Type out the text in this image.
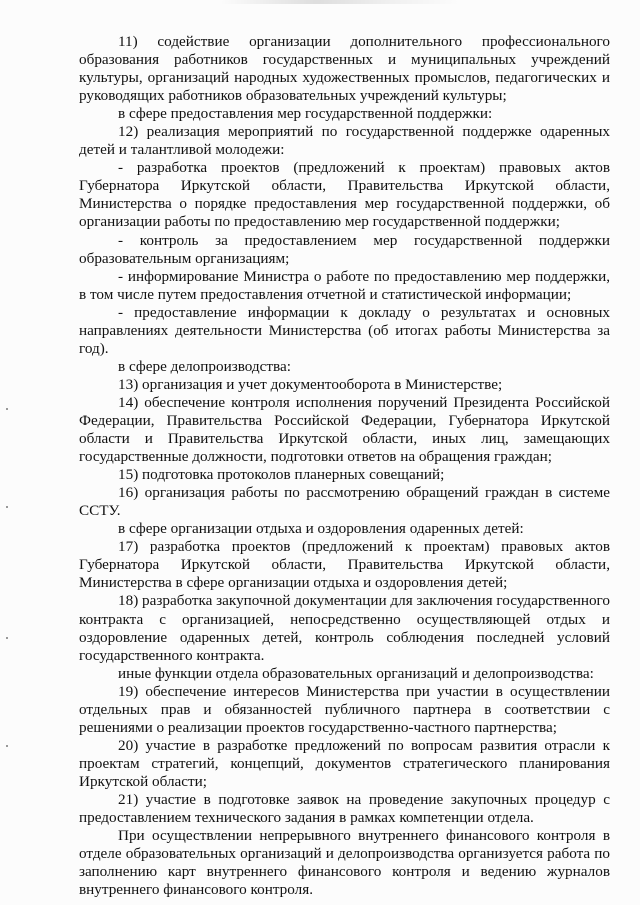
11) содействие организации дополнительного профессионального образования работников государственных и муниципальных учреждений культуры, организаций народных художественных промыслов, педагогических и руководящих работников образовательных учреждений культуры;

в сфере предоставления мер государственной поддержки:

12) реализация мероприятий по государственной поддержке одаренных детей и талантливой молодежи:

- разработка проектов (предложений к проектам) правовых актов Губернатора Иркутской области, Правительства Иркутской области, Министерства о порядке предоставления мер государственной поддержки, об организации работы по предоставлению мер государственной поддержки;

- контроль за предоставлением мер государственной поддержки образовательным организациям;

- информирование Министра о работе по предоставлению мер поддержки, в том числе путем предоставления отчетной и статистической информации;

- предоставление информации к докладу о результатах и основных направлениях деятельности Министерства (об итогах работы Министерства за год).

в сфере делопроизводства:

13) организация и учет документооборота в Министерстве;

14) обеспечение контроля исполнения поручений Президента Российской Федерации, Правительства Российской Федерации, Губернатора Иркутской области и Правительства Иркутской области, иных лиц, замещающих государственные должности, подготовки ответов на обращения граждан;

15) подготовка протоколов планерных совещаний;

16) организация работы по рассмотрению обращений граждан в системе ССТУ.

в сфере организации отдыха и оздоровления одаренных детей:

17) разработка проектов (предложений к проектам) правовых актов Губернатора Иркутской области, Правительства Иркутской области, Министерства в сфере организации отдыха и оздоровления детей;

18) разработка закупочной документации для заключения государственного контракта с организацией, непосредственно осуществляющей отдых и оздоровление одаренных детей, контроль соблюдения последней условий государственного контракта.

иные функции отдела образовательных организаций и делопроизводства:

19) обеспечение интересов Министерства при участии в осуществлении отдельных прав и обязанностей публичного партнера в соответствии с решениями о реализации проектов государственно-частного партнерства;

20) участие в разработке предложений по вопросам развития отрасли к проектам стратегий, концепций, документов стратегического планирования Иркутской области;

21) участие в подготовке заявок на проведение закупочных процедур с предоставлением технического задания в рамках компетенции отдела.

При осуществлении непрерывного внутреннего финансового контроля в отделе образовательных организаций и делопроизводства организуется работа по заполнению карт внутреннего финансового контроля и ведению журналов внутреннего финансового контроля.
